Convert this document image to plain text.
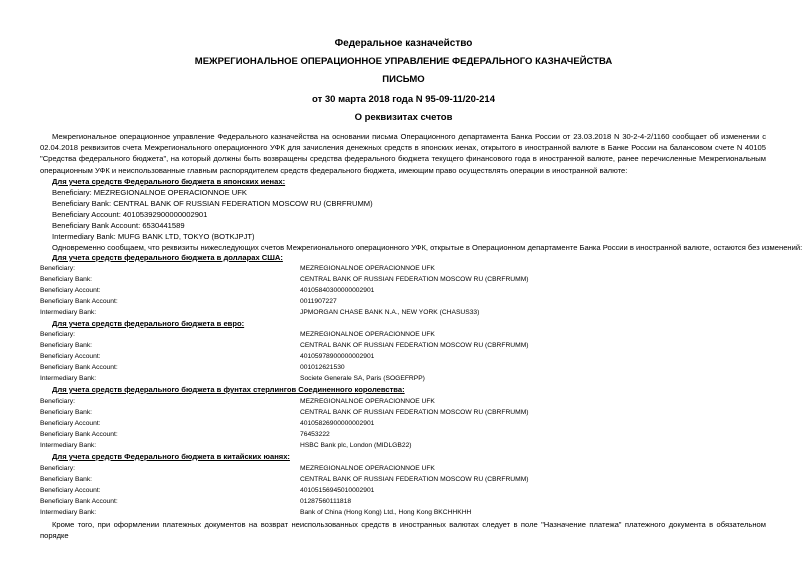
Федеральное казначейство
МЕЖРЕГИОНАЛЬНОЕ ОПЕРАЦИОННОЕ УПРАВЛЕНИЕ ФЕДЕРАЛЬНОГО КАЗНАЧЕЙСТВА
ПИСЬМО
от 30 марта 2018 года N 95-09-11/20-214
О реквизитах счетов

Межрегиональное операционное управление Федерального казначейства на основании письма Операционного департамента Банка России от 23.03.2018 N 30-2-4-2/1160 сообщает об изменении с 02.04.2018 реквизитов счета Межрегионального операционного УФК для зачисления денежных средств в японских иенах, открытого в иностранной валюте в Банке России на балансовом счете N 40105 "Средства федерального бюджета", на который должны быть возвращены средства федерального бюджета текущего финансового года в иностранной валюте, ранее перечисленные Межрегиональным операционным УФК и неиспользованные главным распорядителем средств федерального бюджета, имеющим право осуществлять операции в иностранной валюте:

Для учета средств Федерального бюджета в японских иенах:
Beneficiary: MEZREGIONALNOE OPERACIONNOE UFK
Beneficiary Bank: CENTRAL BANK OF RUSSIAN FEDERATION MOSCOW RU (CBRFRUMM)
Beneficiary Account: 40105392900000002901
Beneficiary Bank Account: 6530441589
Intermediary Bank: MUFG BANK LTD, TOKYO (BOTKJPJT)
Одновременно сообщаем, что реквизиты нижеследующих счетов Межрегионального операционного УФК, открытые в Операционном департаменте Банка России в иностранной валюте, остаются без изменений:
Для учета средств федерального бюджета в долларах США:
Beneficiary:	MEZREGIONALNOE OPERACIONNOE UFK
Beneficiary Bank:	CENTRAL BANK OF RUSSIAN FEDERATION MOSCOW RU (CBRFRUMM)
Beneficiary Account:	40105840300000002901
Beneficiary Bank Account:	0011907227
Intermediary Bank:	JPMORGAN CHASE BANK N.A., NEW YORK (CHASUS33)
Для учета средств федерального бюджета в евро:
Beneficiary:	MEZREGIONALNOE OPERACIONNOE UFK
Beneficiary Bank:	CENTRAL BANK OF RUSSIAN FEDERATION MOSCOW RU (CBRFRUMM)
Beneficiary Account:	40105978900000002901
Beneficiary Bank Account:	001012621530
Intermediary Bank:	Societe Generale SA, Paris (SOGEFRPP)
Для учета средств федерального бюджета в фунтах стерлингов Соединенного королевства:
Beneficiary:	MEZREGIONALNOE OPERACIONNOE UFK
Beneficiary Bank:	CENTRAL BANK OF RUSSIAN FEDERATION MOSCOW RU (CBRFRUMM)
Beneficiary Account:	40105826900000002901
Beneficiary Bank Account:	76453222
Intermediary Bank:	HSBC Bank plc, London (MIDLGB22)
Для учета средств Федерального бюджета в китайских юанях:
Beneficiary:	MEZREGIONALNOE OPERACIONNOE UFK
Beneficiary Bank:	CENTRAL BANK OF RUSSIAN FEDERATION MOSCOW RU (CBRFRUMM)
Beneficiary Account:	40105156945010002901
Beneficiary Bank Account:	01287560111818
Intermediary Bank:	Bank of China (Hong Kong) Ltd., Hong Kong BKCHHKHH

Кроме того, при оформлении платежных документов на возврат неиспользованных средств в иностранных валютах следует в поле "Назначение платежа" платежного документа в обязательном порядке
